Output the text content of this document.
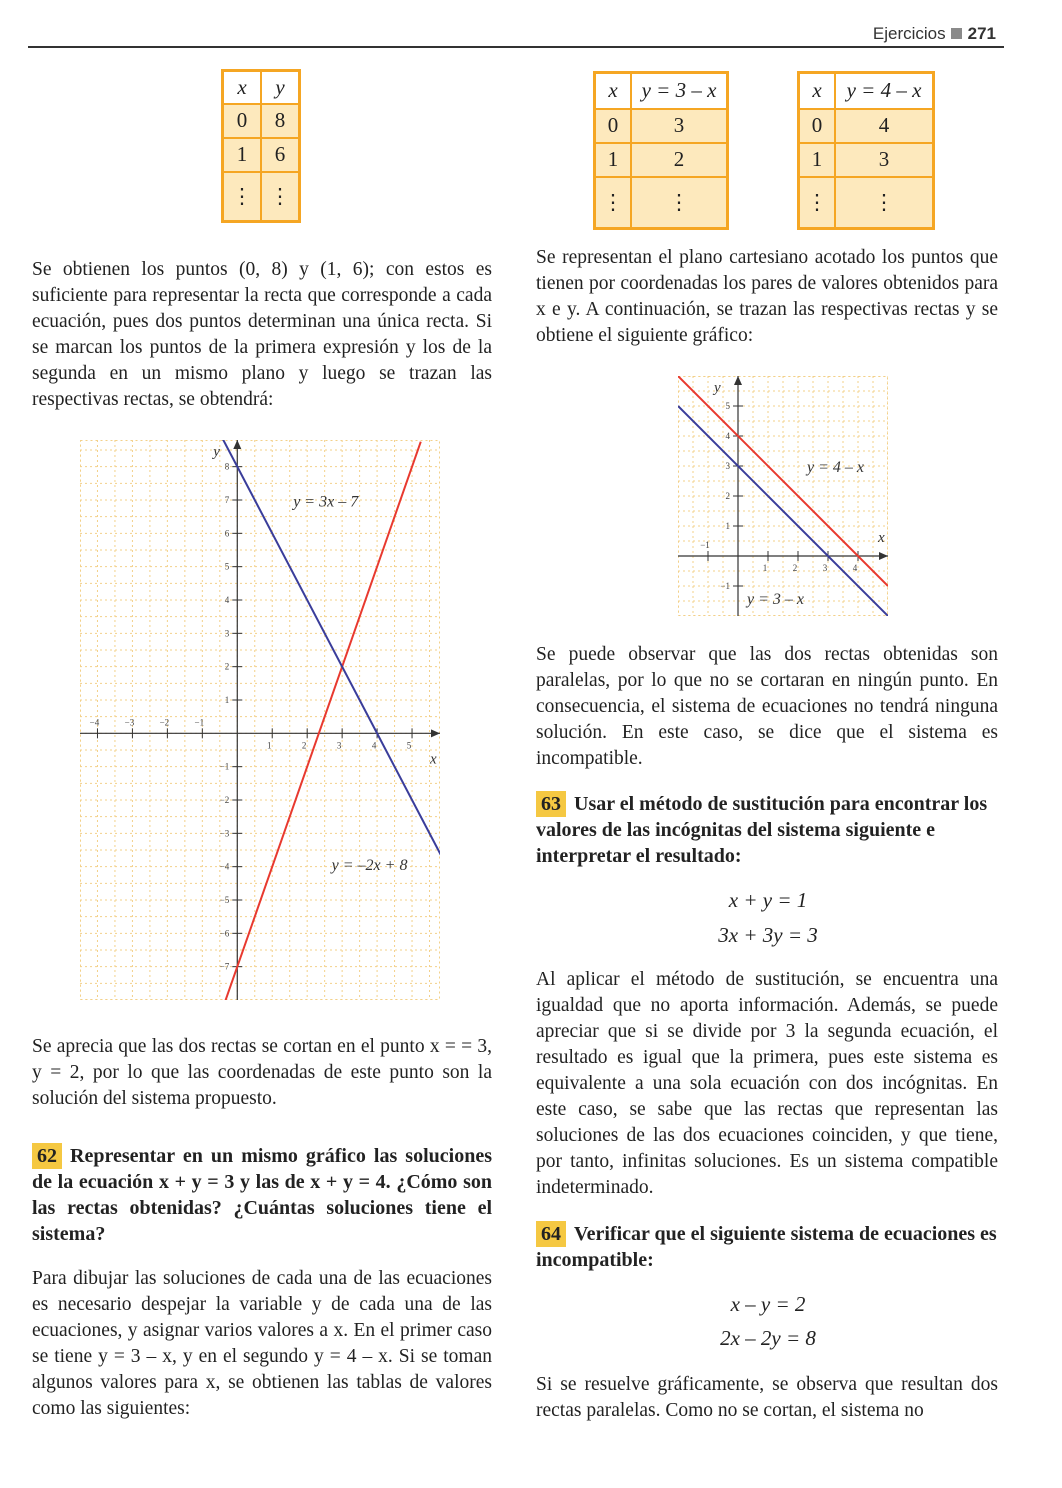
Ejercicios 271
x	y
0	8
1	6
⋮	⋮

Se obtienen los puntos (0, 8) y (1, 6); con estos es suficiente para representar la recta que corresponde a cada ecuación, pues dos puntos determinan una única recta. Si se marcan los puntos de la primera expresión y los de la segunda en un mismo plano y luego se trazan las respectivas rectas, se obtendrá:

−4	−3	−2	−1
1	2	3	4	5
8
7
6
5
4
3
2
1
−1
−2
−3
−4
−5
−6
−7
x
y
y = 3x – 7
y = –2x + 8

Se aprecia que las dos rectas se cortan en el punto x = = 3, y = 2, por lo que las coordenadas de este punto son la solución del sistema propuesto.

62 Representar en un mismo gráfico las soluciones de la ecuación x + y = 3 y las de x + y = 4. ¿Cómo son las rectas obtenidas? ¿Cuántas soluciones tiene el sistema?

Para dibujar las soluciones de cada una de las ecuaciones es necesario despejar la variable y de cada una de las ecuaciones, y asignar varios valores a x. En el primer caso se tiene y = 3 – x, y en el segundo y = 4 – x. Si se toman algunos valores para x, se obtienen las tablas de valores como las siguientes:

x	y = 3 – x
0	3
1	2
⋮	⋮
x	y = 4 – x
0	4
1	3
⋮	⋮

Se representan el plano cartesiano acotado los puntos que tienen por coordenadas los pares de valores obtenidos para x e y. A continuación, se trazan las respectivas rectas y se obtiene el siguiente gráfico:

−1
1	2	3	4
5
4
3
2
1
−1
x
y
y = 4 – x
y = 3 – x

Se puede observar que las dos rectas obtenidas son paralelas, por lo que no se cortaran en ningún punto. En consecuencia, el sistema de ecuaciones no tendrá ninguna solución. En este caso, se dice que el sistema es incompatible.

63 Usar el método de sustitución para encontrar los valores de las incógnitas del sistema siguiente e interpretar el resultado:
x + y = 1
3x + 3y = 3

Al aplicar el método de sustitución, se encuentra una igualdad que no aporta información. Además, se puede apreciar que si se divide por 3 la segunda ecuación, el resultado es igual que la primera, pues este sistema es equivalente a una sola ecuación con dos incógnitas. En este caso, se sabe que las rectas que representan las soluciones de las dos ecuaciones coinciden, y que tiene, por tanto, infinitas soluciones. Es un sistema compatible indeterminado.

64 Verificar que el siguiente sistema de ecuaciones es incompatible:
x – y = 2
2x – 2y = 8

Si se resuelve gráficamente, se observa que resultan dos rectas paralelas. Como no se cortan, el sistema no
